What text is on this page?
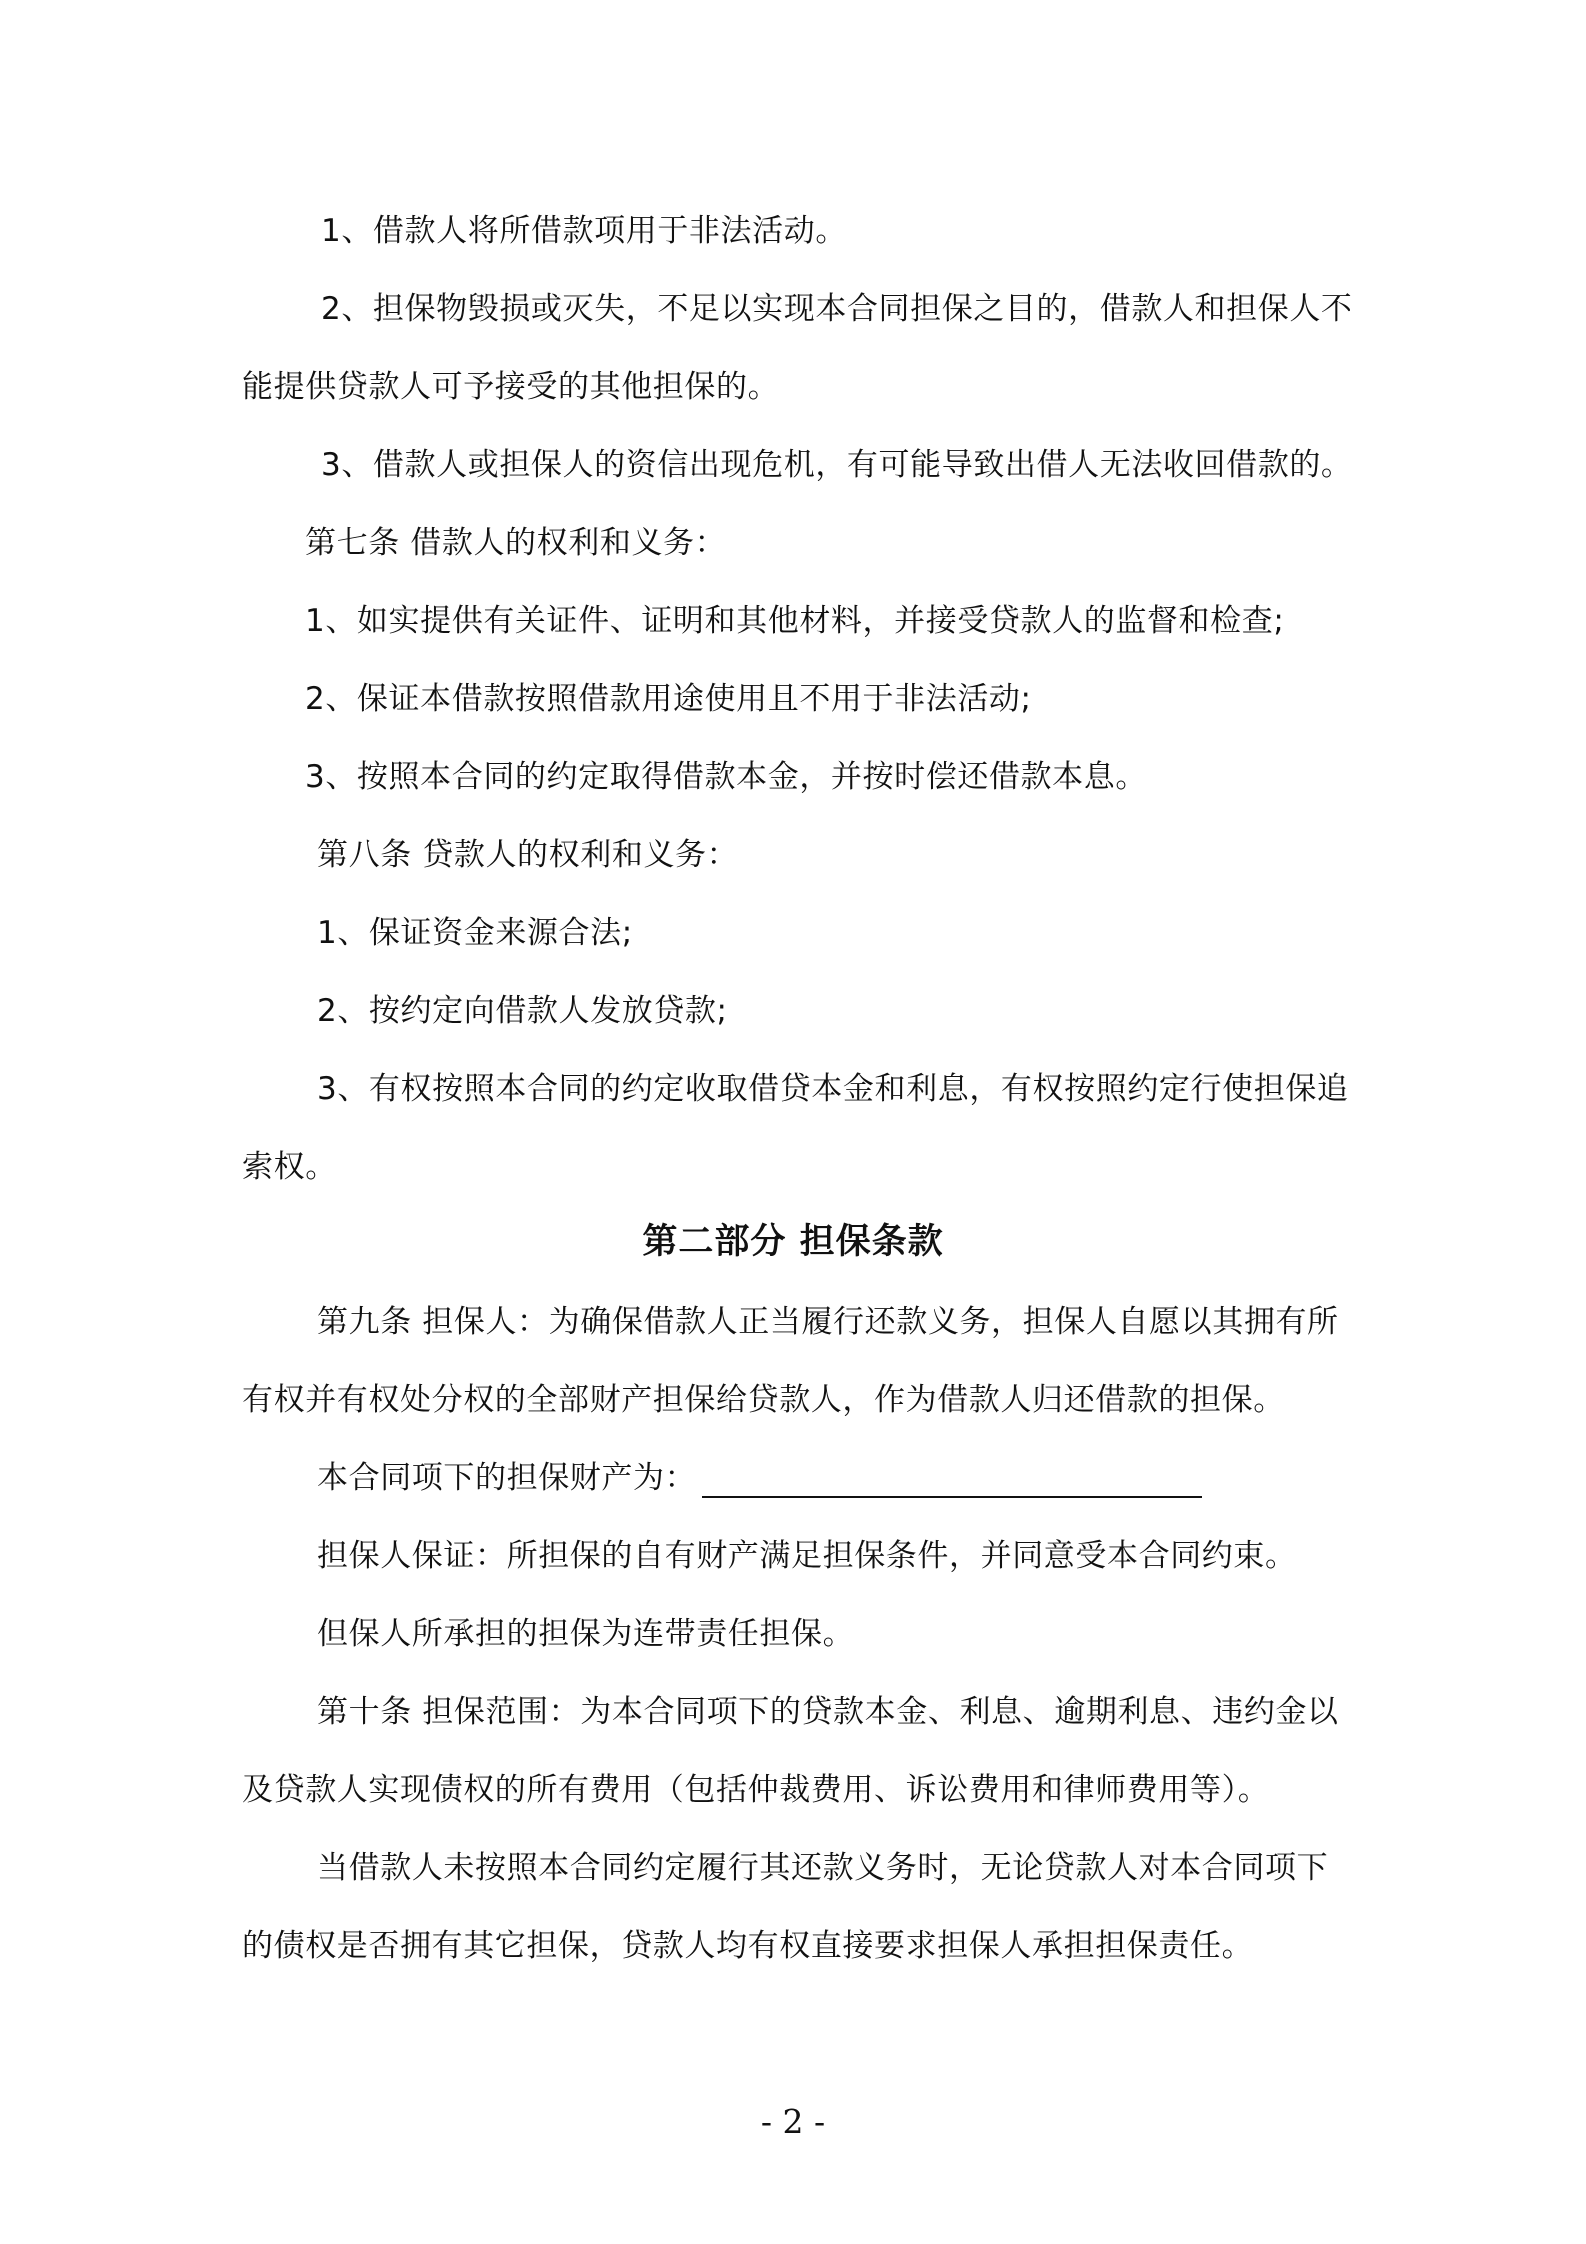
1、借款人将所借款项用于非法活动。
2、担保物毁损或灭失，不足以实现本合同担保之目的，借款人和担保人不
能提供贷款人可予接受的其他担保的。
3、借款人或担保人的资信出现危机，有可能导致出借人无法收回借款的。
第七条 借款人的权利和义务：
1、如实提供有关证件、证明和其他材料，并接受贷款人的监督和检查;
2、保证本借款按照借款用途使用且不用于非法活动;
3、按照本合同的约定取得借款本金，并按时偿还借款本息。
第八条 贷款人的权利和义务：
1、保证资金来源合法;
2、按约定向借款人发放贷款;
3、有权按照本合同的约定收取借贷本金和利息，有权按照约定行使担保追
索权。
第二部分 担保条款
第九条 担保人：为确保借款人正当履行还款义务，担保人自愿以其拥有所
有权并有权处分权的全部财产担保给贷款人，作为借款人归还借款的担保。
本合同项下的担保财产为：
担保人保证：所担保的自有财产满足担保条件，并同意受本合同约束。
但保人所承担的担保为连带责任担保。
第十条 担保范围：为本合同项下的贷款本金、利息、逾期利息、违约金以
及贷款人实现债权的所有费用（包括仲裁费用、诉讼费用和律师费用等）。
当借款人未按照本合同约定履行其还款义务时，无论贷款人对本合同项下
的债权是否拥有其它担保，贷款人均有权直接要求担保人承担担保责任。
- 2 -
